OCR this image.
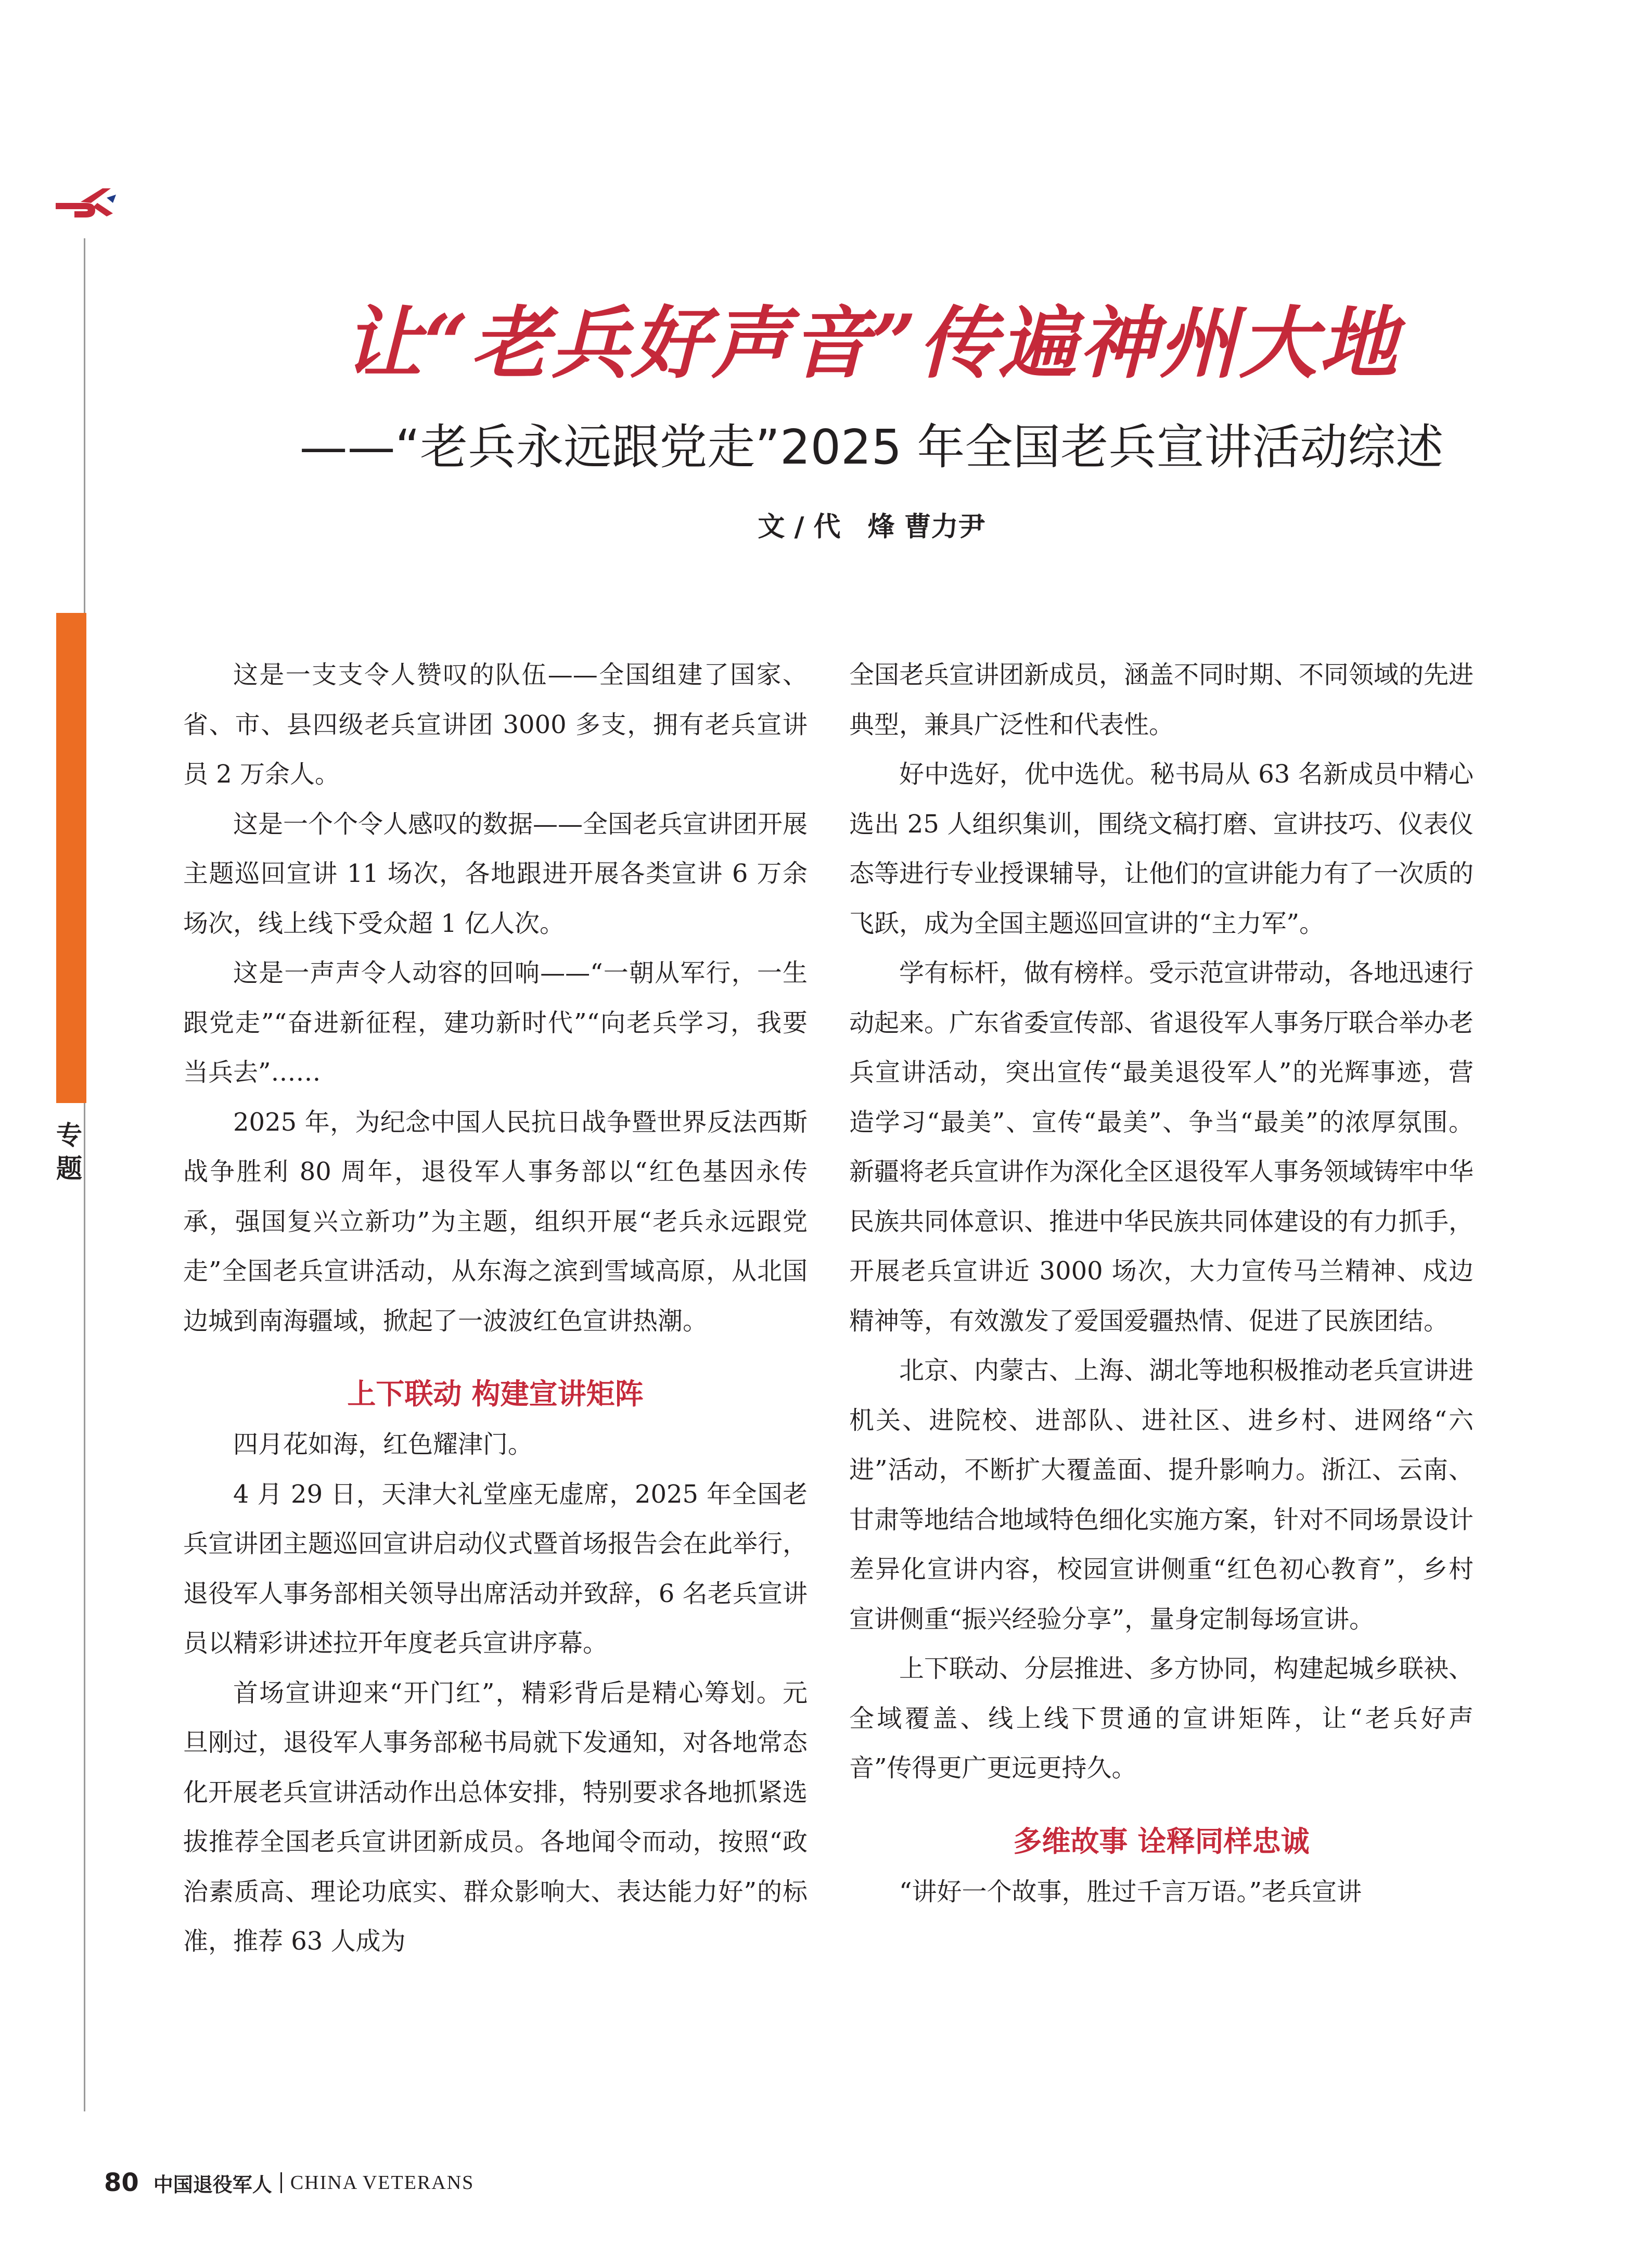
专题
让“老兵好声音”传遍神州大地
——“老兵永远跟党走”2025 年全国老兵宣讲活动综述
文 / 代　烽 曹力尹

这是一支支令人赞叹的队伍——全国组建了国家、省、市、县四级老兵宣讲团 3000 多支，拥有老兵宣讲员 2 万余人。

这是一个个令人感叹的数据——全国老兵宣讲团开展主题巡回宣讲 11 场次，各地跟进开展各类宣讲 6 万余场次，线上线下受众超 1 亿人次。

这是一声声令人动容的回响——“一朝从军行，一生跟党走”“奋进新征程，建功新时代”“向老兵学习，我要当兵去”……

2025 年，为纪念中国人民抗日战争暨世界反法西斯战争胜利 80 周年，退役军人事务部以“红色基因永传承，强国复兴立新功”为主题，组织开展“老兵永远跟党走”全国老兵宣讲活动，从东海之滨到雪域高原，从北国边城到南海疆域，掀起了一波波红色宣讲热潮。

上下联动 构建宣讲矩阵

四月花如海，红色耀津门。

4 月 29 日，天津大礼堂座无虚席，2025 年全国老兵宣讲团主题巡回宣讲启动仪式暨首场报告会在此举行，退役军人事务部相关领导出席活动并致辞，6 名老兵宣讲员以精彩讲述拉开年度老兵宣讲序幕。

首场宣讲迎来“开门红”，精彩背后是精心筹划。元旦刚过，退役军人事务部秘书局就下发通知，对各地常态化开展老兵宣讲活动作出总体安排，特别要求各地抓紧选拔推荐全国老兵宣讲团新成员。各地闻令而动，按照“政治素质高、理论功底实、群众影响大、表达能力好”的标准，推荐 63 人成为

全国老兵宣讲团新成员，涵盖不同时期、不同领域的先进典型，兼具广泛性和代表性。

好中选好，优中选优。秘书局从 63 名新成员中精心选出 25 人组织集训，围绕文稿打磨、宣讲技巧、仪表仪态等进行专业授课辅导，让他们的宣讲能力有了一次质的飞跃，成为全国主题巡回宣讲的“主力军”。

学有标杆，做有榜样。受示范宣讲带动，各地迅速行动起来。广东省委宣传部、省退役军人事务厅联合举办老兵宣讲活动，突出宣传“最美退役军人”的光辉事迹，营造学习“最美”、宣传“最美”、争当“最美”的浓厚氛围。新疆将老兵宣讲作为深化全区退役军人事务领域铸牢中华民族共同体意识、推进中华民族共同体建设的有力抓手，开展老兵宣讲近 3000 场次，大力宣传马兰精神、戍边精神等，有效激发了爱国爱疆热情、促进了民族团结。

北京、内蒙古、上海、湖北等地积极推动老兵宣讲进机关、进院校、进部队、进社区、进乡村、进网络“六进”活动，不断扩大覆盖面、提升影响力。浙江、云南、甘肃等地结合地域特色细化实施方案，针对不同场景设计差异化宣讲内容，校园宣讲侧重“红色初心教育”，乡村宣讲侧重“振兴经验分享”，量身定制每场宣讲。

上下联动、分层推进、多方协同，构建起城乡联袂、全域覆盖、线上线下贯通的宣讲矩阵，让“老兵好声音”传得更广更远更持久。

多维故事 诠释同样忠诚

“讲好一个故事，胜过千言万语。”老兵宣讲

80 中国退役军人 CHINA VETERANS
